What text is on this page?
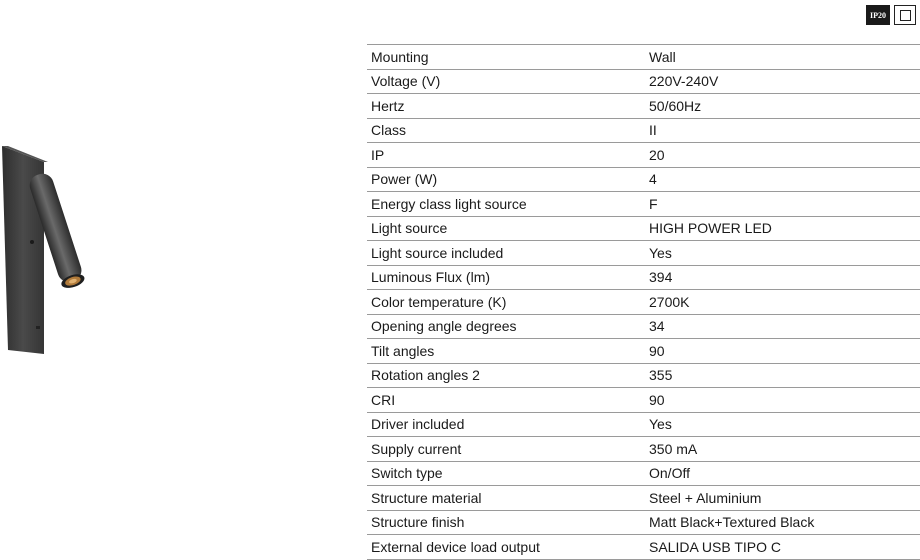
IP20
Mounting	Wall
Voltage (V)	220V-240V
Hertz	50/60Hz
Class	II
IP	20
Power (W)	4
Energy class light source	F
Light source	HIGH POWER LED
Light source included	Yes
Luminous Flux (lm)	394
Color temperature (K)	2700K
Opening angle degrees	34
Tilt angles	90
Rotation angles 2	355
CRI	90
Driver included	Yes
Supply current	350 mA
Switch type	On/Off
Structure material	Steel + Aluminium
Structure finish	Matt Black+Textured Black
External device load output	SALIDA USB TIPO C
